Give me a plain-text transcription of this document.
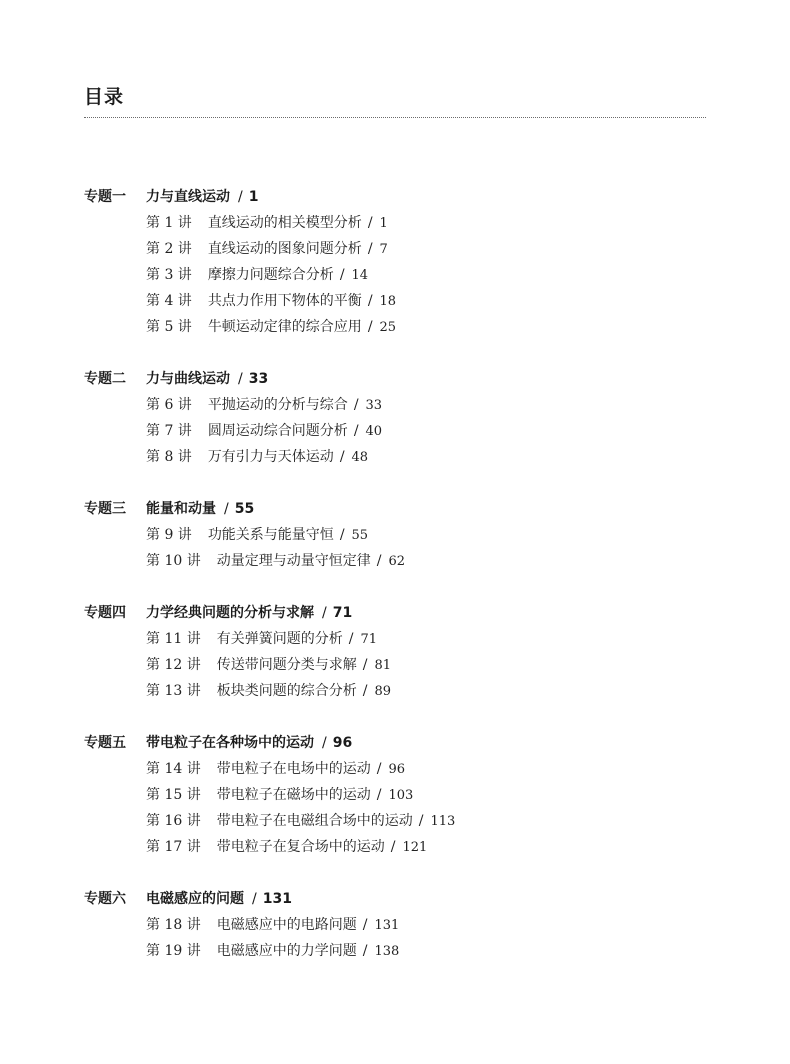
目录
专题一	力与直线运动 / 1
第 1 讲 直线运动的相关模型分析 / 1
第 2 讲 直线运动的图象问题分析 / 7
第 3 讲 摩擦力问题综合分析 / 14
第 4 讲 共点力作用下物体的平衡 / 18
第 5 讲 牛顿运动定律的综合应用 / 25
专题二	力与曲线运动 / 33
第 6 讲 平抛运动的分析与综合 / 33
第 7 讲 圆周运动综合问题分析 / 40
第 8 讲 万有引力与天体运动 / 48
专题三	能量和动量 / 55
第 9 讲 功能关系与能量守恒 / 55
第 10 讲 动量定理与动量守恒定律 / 62
专题四	力学经典问题的分析与求解 / 71
第 11 讲 有关弹簧问题的分析 / 71
第 12 讲 传送带问题分类与求解 / 81
第 13 讲 板块类问题的综合分析 / 89
专题五	带电粒子在各种场中的运动 / 96
第 14 讲 带电粒子在电场中的运动 / 96
第 15 讲 带电粒子在磁场中的运动 / 103
第 16 讲 带电粒子在电磁组合场中的运动 / 113
第 17 讲 带电粒子在复合场中的运动 / 121
专题六	电磁感应的问题 / 131
第 18 讲 电磁感应中的电路问题 / 131
第 19 讲 电磁感应中的力学问题 / 138
